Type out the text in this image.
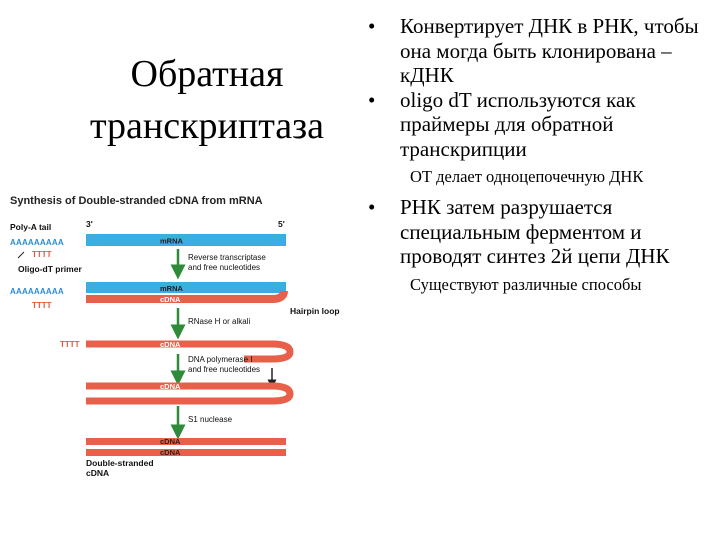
Обратная
транскриптаза
• Конвертирует ДНК в РНК, чтобы она могда быть клонирована – кДНК
• oligo dT используются как праймеры для обратной транскрипции
ОТ делает одноцепочечную ДНК
• РНК затем разрушается специальным ферментом и проводят синтез 2й цепи ДНК
Существуют различные способы
Synthesis of Double-stranded cDNA from mRNA
3'	5'
Poly-A tail
AAAAAAAAA
TTTT
Oligo-dT primer
mRNA
Reverse transcriptase
and free nucleotides
AAAAAAAAA
TTTT
mRNA
cDNA
Hairpin loop
RNase H or alkali
TTTT	cDNA
DNA polymerase I
and free nucleotides
cDNA
S1 nuclease
cDNA
cDNA
Double-stranded
cDNA
